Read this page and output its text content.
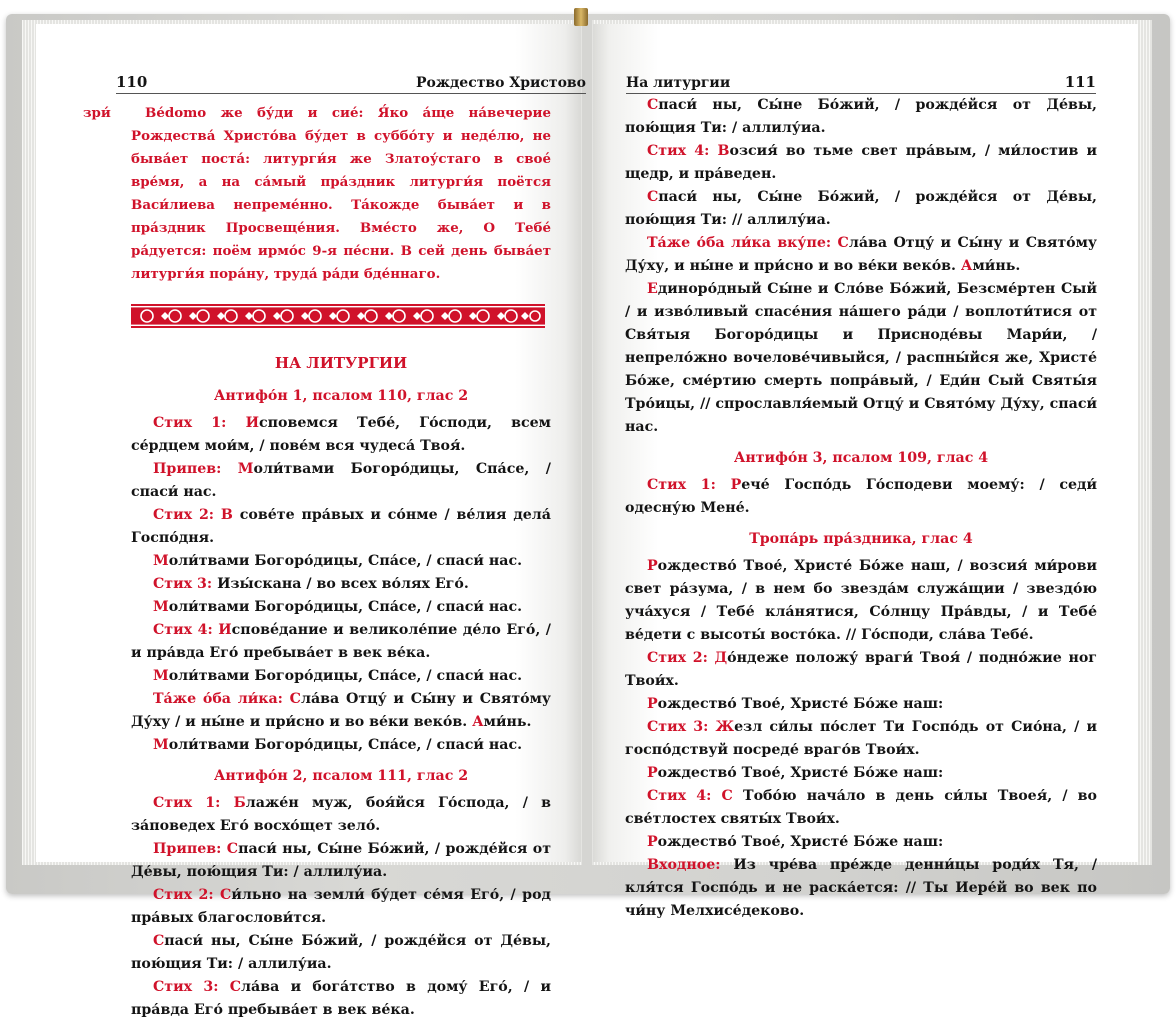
110	Рождество Христово
зри́	Ве́domo же бу́ди и сие́: Я́ко а́ще на́вечерие Рождества́ Христо́ва бу́дет в суббо́ту и неде́лю, не быва́ет поста́: литурги́я же Златоу́стаго в своé вре́мя, а на са́мый пра́здник литурги́я поётся Васи́лиева непреме́нно. Тáкожде быва́ет и в пра́здник Просвеще́ния. Вме́сто же, О Тебе́ ра́дуется: поём ирмо́с 9-я пе́сни. В сей день быва́ет литурги́я пора́ну, труда́ ра́ди бде́ннаго.

НА ЛИТУРГИИ
Антифо́н 1, псалом 110, глас 2

Стих 1: Исповемся Тебе́, Го́споди, всем се́рдцем мои́м, / пове́м вся чудеса́ Твоя́.

Припев: Моли́твами Богоро́дицы, Спа́се, / спаси́ нас.

Стих 2: В сове́те пра́вых и со́нме / ве́лия дела́ Госпо́дня.

Моли́твами Богоро́дицы, Спа́се, / спаси́ нас.

Стих 3: Изы́скана / во всех во́лях Его́.

Моли́твами Богоро́дицы, Спа́се, / спаси́ нас.

Стих 4: Исповéдание и великоле́пие де́ло Его́, / и пра́вда Его́ пребыва́ет в век ве́ка.

Моли́твами Богоро́дицы, Спа́се, / спаси́ нас.

Та́же о́ба ли́ка: Сла́ва Отцу́ и Сы́ну и Свято́му Ду́ху / и ны́не и при́сно и во ве́ки веко́в. Ами́нь.

Моли́твами Богоро́дицы, Спа́се, / спаси́ нас.

Антифо́н 2, псалом 111, глас 2

Стих 1: Блаже́н муж, боя́йся Го́спода, / в за́поведех Его́ восхо́щет зело́.

Припев: Спаси́ ны, Сы́не Бо́жий, / рожде́йся от Де́вы, пою́щия Ти: / аллилу́иа.

Стих 2: Си́льно на земли́ бу́дет се́мя Его́, / род пра́вых благослови́тся.

Спаси́ ны, Сы́не Бо́жий, / рожде́йся от Де́вы, пою́щия Ти: / аллилу́иа.

Стих 3: Сла́ва и бога́тство в дому́ Его́, / и пра́вда Его́ пребыва́ет в век ве́ка.

На литургии	111

Спаси́ ны, Сы́не Бо́жий, / рожде́йся от Де́вы, пою́щия Ти: / аллилу́иа.

Стих 4: Возсия́ во тьме свет пра́вым, / ми́лостив и щедр, и пра́веден.

Спаси́ ны, Сы́не Бо́жий, / рожде́йся от Де́вы, пою́щия Ти: // аллилу́иа.

Та́же о́ба ли́ка вку́пе: Сла́ва Отцу́ и Сы́ну и Свято́му Ду́ху, и ны́не и при́сно и во ве́ки веко́в. Ами́нь.

Единоро́дный Сы́не и Сло́ве Бо́жий, Безсме́ртен Сый / и изво́ливый спасе́ния на́шего ра́ди / воплоти́тися от Свя́тыя Богоро́дицы и Присноде́вы Мари́и, / непрело́жно вочелове́чивыйся, / распны́йся же, Христе́ Бо́же, сме́ртию смерть попра́вый, / Еди́н Сый Святы́я Тро́ицы, // спрославля́емый Отцу́ и Свято́му Ду́ху, спаси́ нас.

Антифо́н 3, псалом 109, глас 4

Стих 1: Рече́ Госпо́дь Го́сподеви моему́: / седи́ одесну́ю Мене́.

Тропа́рь пра́здника, глас 4

Рождество́ Твое́, Христе́ Бо́же наш, / возсия́ ми́рови свет ра́зума, / в нем бо звезда́м служа́щии / звездо́ю уча́хуся / Тебе́ кла́нятися, Со́лнцу Пра́вды, / и Тебе́ ве́дети с высоты́ восто́ка. // Го́споди, сла́ва Тебе́.

Стих 2: До́ндеже положу́ враги́ Твоя́ / подно́жие ног Твои́х.

Рождество́ Твое́, Христе́ Бо́же наш:

Стих 3: Жезл си́лы по́слет Ти Госпо́дь от Сио́на, / и госпо́дствуй посреде́ враго́в Твои́х.

Рождество́ Твое́, Христе́ Бо́же наш:

Стих 4: С Тобо́ю нача́ло в день си́лы Твоея́, / во све́тлостех святы́х Твои́х.

Рождество́ Твое́, Христе́ Бо́же наш:

Входное: Из чре́ва пре́жде денни́цы роди́х Тя, / кля́тся Госпо́дь и не раска́ется: // Ты Иере́й во век по чи́ну Мелхисе́деково.
